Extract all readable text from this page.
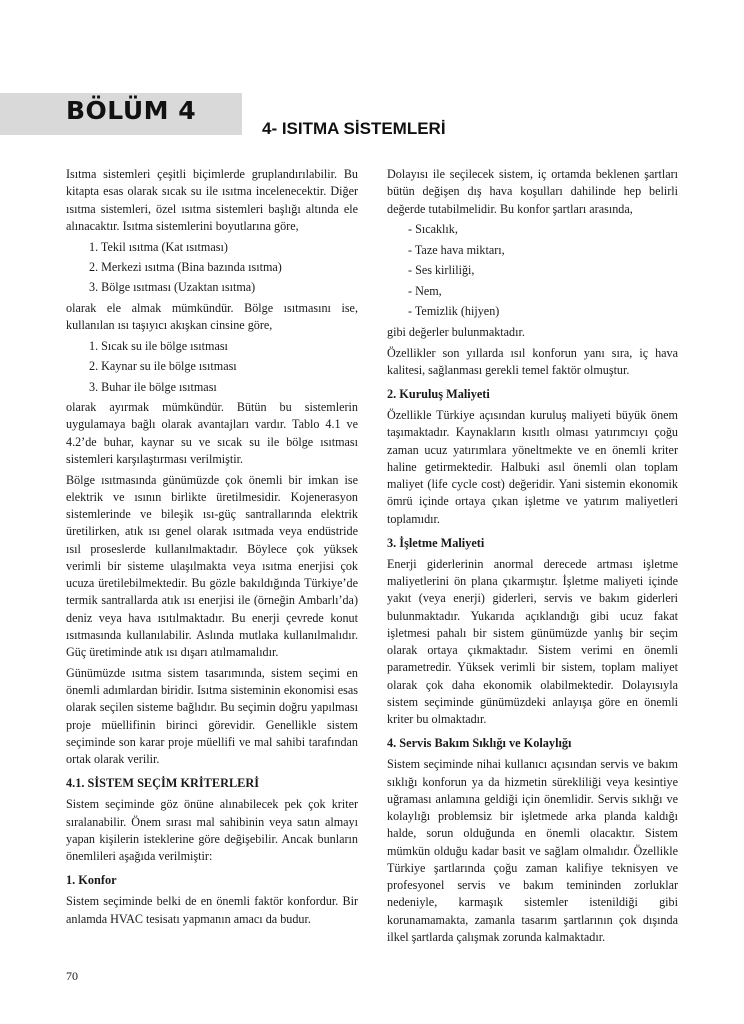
BÖLÜM 4
4- ISITMA SİSTEMLERİ

Isıtma sistemleri çeşitli biçimlerde gruplandırılabilir. Bu kitapta esas olarak sıcak su ile ısıtma incelenecektir. Diğer ısıtma sistemleri, özel ısıtma sistemleri başlığı altında ele alınacaktır. Isıtma sistemlerini boyutlarına göre,

1. Tekil ısıtma (Kat ısıtması)
2. Merkezi ısıtma (Bina bazında ısıtma)
3. Bölge ısıtması (Uzaktan ısıtma)

olarak ele almak mümkündür. Bölge ısıtmasını ise, kullanılan ısı taşıyıcı akışkan cinsine göre,

1. Sıcak su ile bölge ısıtması
2. Kaynar su ile bölge ısıtması
3. Buhar ile bölge ısıtması

olarak ayırmak mümkündür. Bütün bu sistemlerin uygulamaya bağlı olarak avantajları vardır. Tablo 4.1 ve 4.2’de buhar, kaynar su ve sıcak su ile bölge ısıtması sistemleri karşılaştırması verilmiştir.

Bölge ısıtmasında günümüzde çok önemli bir imkan ise elektrik ve ısının birlikte üretilmesidir. Kojenerasyon sistemlerinde ve bileşik ısı-güç santrallarında elektrik üretilirken, atık ısı genel olarak ısıtmada veya endüstride ısıl proseslerde kullanılmaktadır. Böylece çok yüksek verimli bir sisteme ulaşılmakta veya ısıtma enerjisi çok ucuza üretilebilmektedir. Bu gözle bakıldığında Türkiye’de termik santrallarda atık ısı enerjisi ile (örneğin Ambarlı’da) deniz veya hava ısıtılmaktadır. Bu enerji çevrede konut ısıtmasında kullanılabilir. Aslında mutlaka kullanılmalıdır. Güç üretiminde atık ısı dışarı atılmamalıdır.

Günümüzde ısıtma sistem tasarımında, sistem seçimi en önemli adımlardan biridir. Isıtma sisteminin ekonomisi esas olarak seçilen sisteme bağlıdır. Bu seçimin doğru yapılması proje müellifinin birinci görevidir. Genellikle sistem seçiminde son karar proje müellifi ve mal sahibi tarafından ortak olarak verilir.

4.1. SİSTEM SEÇİM KRİTERLERİ

Sistem seçiminde göz önüne alınabilecek pek çok kriter sıralanabilir. Önem sırası mal sahibinin veya satın almayı yapan kişilerin isteklerine göre değişebilir. Ancak bunların önemlileri aşağıda verilmiştir:

1. Konfor

Sistem seçiminde belki de en önemli faktör konfordur. Bir anlamda HVAC tesisatı yapmanın amacı da budur.

Dolayısı ile seçilecek sistem, iç ortamda beklenen şartları bütün değişen dış hava koşulları dahilinde hep belirli değerde tutabilmelidir. Bu konfor şartları arasında,

- Sıcaklık,
- Taze hava miktarı,
- Ses kirliliği,
- Nem,
- Temizlik (hijyen)

gibi değerler bulunmaktadır.

Özellikler son yıllarda ısıl konforun yanı sıra, iç hava kalitesi, sağlanması gerekli temel faktör olmuştur.

2. Kuruluş Maliyeti

Özellikle Türkiye açısından kuruluş maliyeti büyük önem taşımaktadır. Kaynakların kısıtlı olması yatırımcıyı çoğu zaman ucuz yatırımlara yöneltmekte ve en önemli kriter haline getirmektedir. Halbuki asıl önemli olan toplam maliyet (life cycle cost) değeridir. Yani sistemin ekonomik ömrü içinde ortaya çıkan işletme ve yatırım maliyetleri toplamıdır.

3. İşletme Maliyeti

Enerji giderlerinin anormal derecede artması işletme maliyetlerini ön plana çıkarmıştır. İşletme maliyeti içinde yakıt (veya enerji) giderleri, servis ve bakım giderleri bulunmaktadır. Yukarıda açıklandığı gibi ucuz fakat işletmesi pahalı bir sistem günümüzde yanlış bir seçim olarak ortaya çıkmaktadır. Sistem verimi en önemli parametredir. Yüksek verimli bir sistem, toplam maliyet olarak çok daha ekonomik olabilmektedir. Dolayısıyla sistem seçiminde günümüzdeki anlayışa göre en önemli kriter bu olmaktadır.

4. Servis Bakım Sıklığı ve Kolaylığı

Sistem seçiminde nihai kullanıcı açısından servis ve bakım sıklığı konforun ya da hizmetin sürekliliği veya kesintiye uğraması anlamına geldiği için önemlidir. Servis sıklığı ve kolaylığı problemsiz bir işletmede arka planda kaldığı halde, sorun olduğunda en önemli olacaktır. Sistem mümkün olduğu kadar basit ve sağlam olmalıdır. Özellikle Türkiye şartlarında çoğu zaman kalifiye teknisyen ve profesyonel servis ve bakım temininden zorluklar nedeniyle, karmaşık sistemler istenildiği gibi korunamamakta, zamanla tasarım şartlarının çok dışında ilkel şartlarda çalışmak zorunda kalmaktadır.

70
